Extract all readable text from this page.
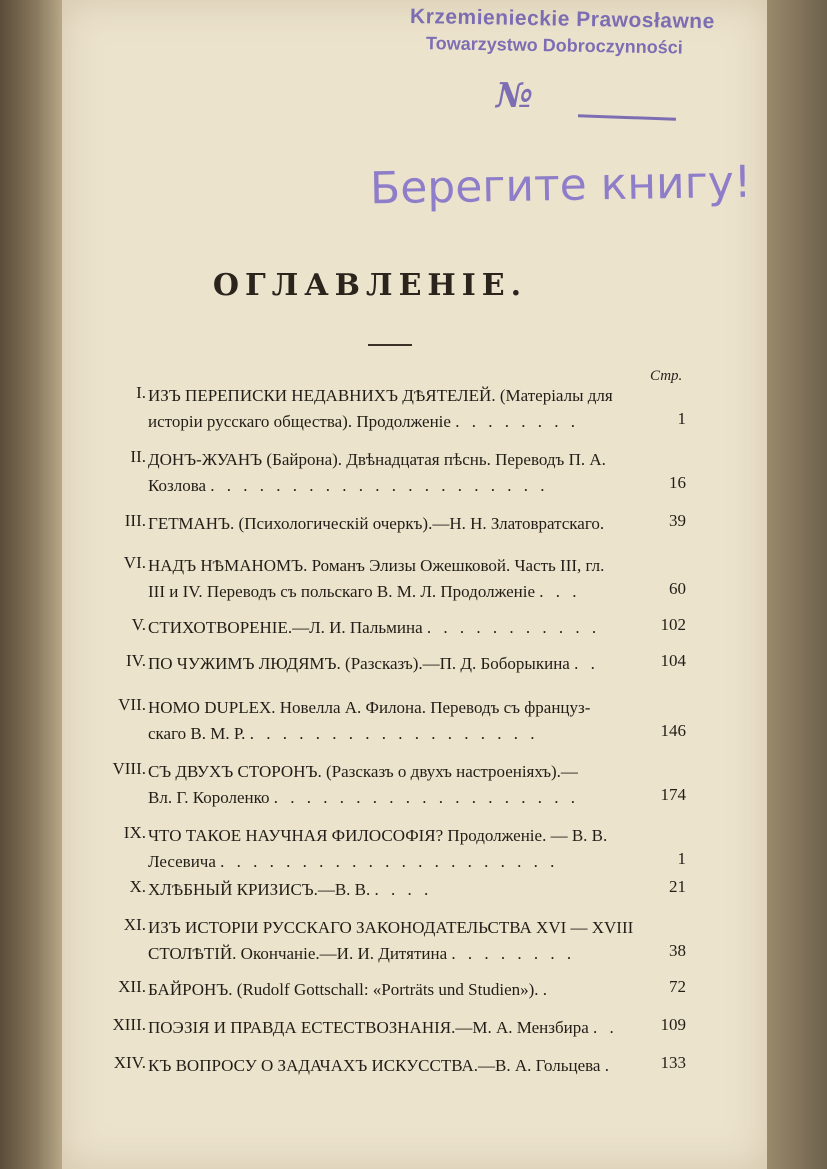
Krzemienieckie Prawosławne
Towarzystwo Dobroczynności
№
Берегите книгу!
ОГЛАВЛЕНІЕ.
Стр.
I. ИЗЪ ПЕРЕПИСКИ НЕДАВНИХЪ ДѢЯТЕЛЕЙ. (Матеріалы для
исторіи русскаго общества). Продолженіе . . . . . . . .	1
II. ДОНЪ-ЖУАНЪ (Байрона). Двѣнадцатая пѣснь. Переводъ П. А.
Козлова . . . . . . . . . . . . . . . . . . . . .	16
III. ГЕТМАНЪ. (Психологическій очеркъ).—Н. Н. Златовратскаго.	39
VI. НАДЪ НѢМАНОМЪ. Романъ Элизы Ожешковой. Часть III, гл.
III и IV. Переводъ съ польскаго В. М. Л. Продолженіе . . .	60
V. СТИХОТВОРЕНІЕ.—Л. И. Пальмина . . . . . . . . . . .	102
IV. ПО ЧУЖИМЪ ЛЮДЯМЪ. (Разсказъ).—П. Д. Боборыкина . .	104
VII. HOMO DUPLEX. Новелла А. Филона. Переводъ съ француз-
скаго В. М. Р. . . . . . . . . . . . . . . . . . .	146
VIII. СЪ ДВУХЪ СТОРОНЪ. (Разсказъ о двухъ настроеніяхъ).—
Вл. Г. Короленко . . . . . . . . . . . . . . . . . . .	174
IX. ЧТО ТАКОЕ НАУЧНАЯ ФИЛОСОФІЯ? Продолженіе. — В. В.
Лесевича . . . . . . . . . . . . . . . . . . . . .	1
X. ХЛѢБНЫЙ КРИЗИСЪ.—В. В. . . . .	21
XI. ИЗЪ ИСТОРІИ РУССКАГО ЗАКОНОДАТЕЛЬСТВА XVI — XVIII
СТОЛѢТІЙ. Окончаніе.—И. И. Дитятина . . . . . . . .	38
XII. БАЙРОНЪ. (Rudolf Gottschall: «Porträts und Studien»). .	72
XIII. ПОЭЗІЯ И ПРАВДА ЕСТЕСТВОЗНАНІЯ.—М. А. Мензбира . .	109
XIV. КЪ ВОПРОСУ О ЗАДАЧАХЪ ИСКУССТВА.—В. А. Гольцева .	133
